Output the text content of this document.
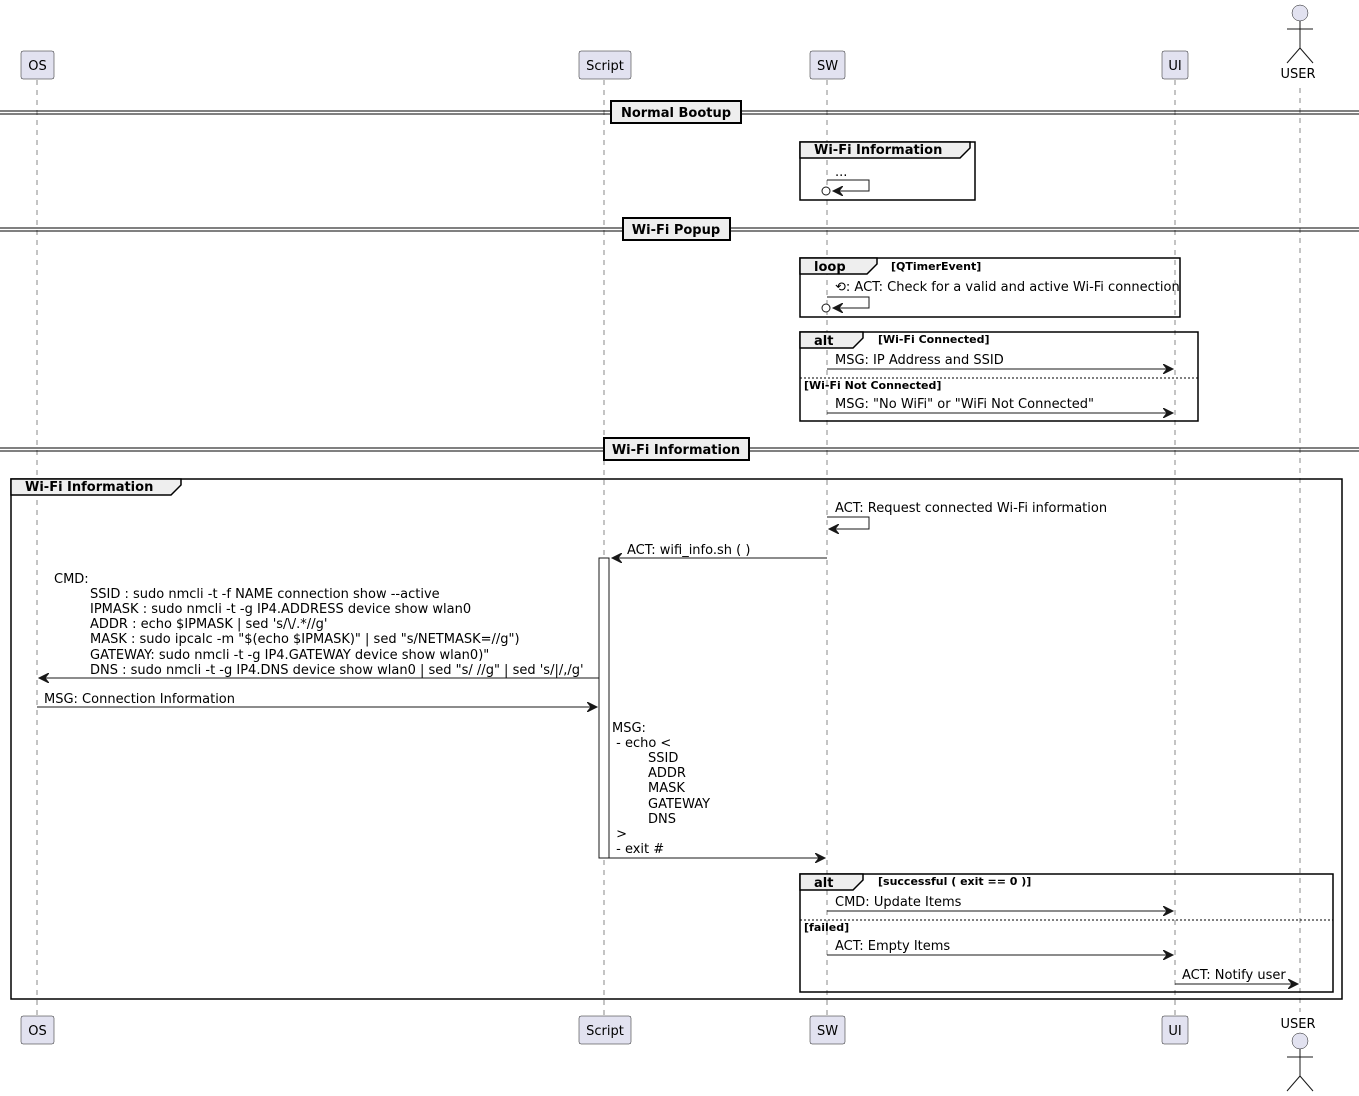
OS	Script	SW	UI
USER
OS	Script	SW	UI	USER
Normal Bootup
Wi-Fi Information
...
Wi-Fi Popup
loop	[QTimerEvent]
⟲: ACT: Check for a valid and active Wi-Fi connection
alt	[Wi-Fi Connected]
MSG: IP Address and SSID
[Wi-Fi Not Connected]
MSG: "No WiFi" or "WiFi Not Connected"
Wi-Fi Information
Wi-Fi Information
ACT: Request connected Wi-Fi information
ACT: wifi_info.sh ( )
CMD:
SSID : sudo nmcli -t -f NAME connection show --active
IPMASK : sudo nmcli -t -g IP4.ADDRESS device show wlan0
ADDR : echo $IPMASK | sed 's/\/.*//g'
MASK : sudo ipcalc -m "$(echo $IPMASK)" | sed "s/NETMASK=//g")
GATEWAY: sudo nmcli -t -g IP4.GATEWAY device show wlan0)"
DNS : sudo nmcli -t -g IP4.DNS device show wlan0 | sed "s/ //g" | sed 's/|/,/g'
MSG: Connection Information
MSG:
- echo <
SSID
ADDR
MASK
GATEWAY
DNS
>
- exit #
alt	[successful ( exit == 0 )]
CMD: Update Items
[failed]
ACT: Empty Items
ACT: Notify user
